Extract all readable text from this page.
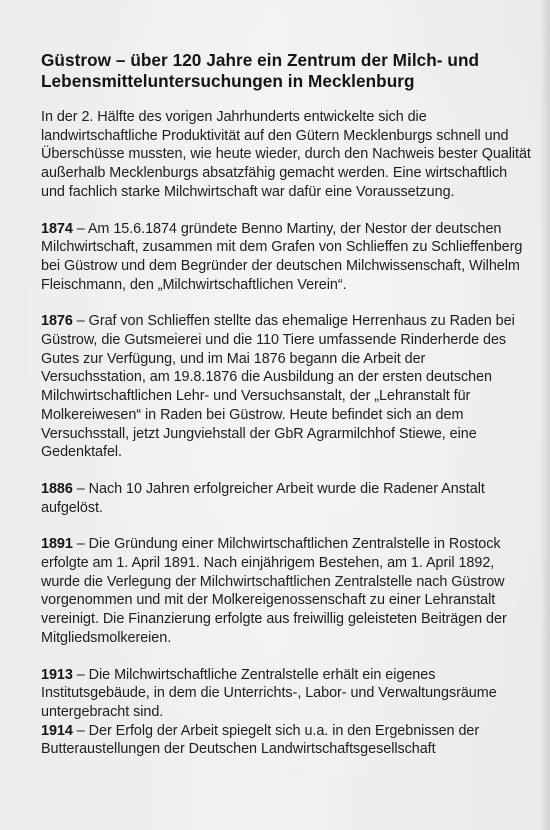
Güstrow – über 120 Jahre ein Zentrum der Milch- und Lebensmitteluntersuchungen in Mecklenburg

In der 2. Hälfte des vorigen Jahrhunderts entwickelte sich die landwirtschaftliche Produktivität auf den Gütern Mecklenburgs schnell und Überschüsse mussten, wie heute wieder, durch den Nachweis bester Qualität außerhalb Mecklenburgs absatzfähig gemacht werden. Eine wirtschaftlich und fachlich starke Milchwirtschaft war dafür eine Voraussetzung.

1874 – Am 15.6.1874 gründete Benno Martiny, der Nestor der deutschen Milchwirtschaft, zusammen mit dem Grafen von Schlieffen zu Schlieffenberg bei Güstrow und dem Begründer der deutschen Milchwissenschaft, Wilhelm Fleischmann, den „Milchwirtschaftlichen Verein“.

1876 – Graf von Schlieffen stellte das ehemalige Herrenhaus zu Raden bei Güstrow, die Gutsmeierei und die 110 Tiere umfassende Rinderherde des Gutes zur Verfügung, und im Mai 1876 begann die Arbeit der Versuchsstation, am 19.8.1876 die Ausbildung an der ersten deutschen Milchwirtschaftlichen Lehr- und Versuchsanstalt, der „Lehranstalt für Molkereiwesen“ in Raden bei Güstrow. Heute befindet sich an dem Versuchsstall, jetzt Jungviehstall der GbR Agrarmilchhof Stiewe, eine Gedenktafel.

1886 – Nach 10 Jahren erfolgreicher Arbeit wurde die Radener Anstalt aufgelöst.

1891 – Die Gründung einer Milchwirtschaftlichen Zentralstelle in Rostock erfolgte am 1. April 1891. Nach einjährigem Bestehen, am 1. April 1892, wurde die Verlegung der Milchwirtschaftlichen Zentralstelle nach Güstrow vorgenommen und mit der Molkereigenossenschaft zu einer Lehranstalt vereinigt. Die Finanzierung erfolgte aus freiwillig geleisteten Beiträgen der Mitgliedsmolkereien.

1913 – Die Milchwirtschaftliche Zentralstelle erhält ein eigenes Institutsgebäude, in dem die Unterrichts-, Labor- und Verwaltungsräume untergebracht sind.

1914 – Der Erfolg der Arbeit spiegelt sich u.a. in den Ergebnissen der Butteraustellungen der Deutschen Landwirtschaftsgesellschaft
